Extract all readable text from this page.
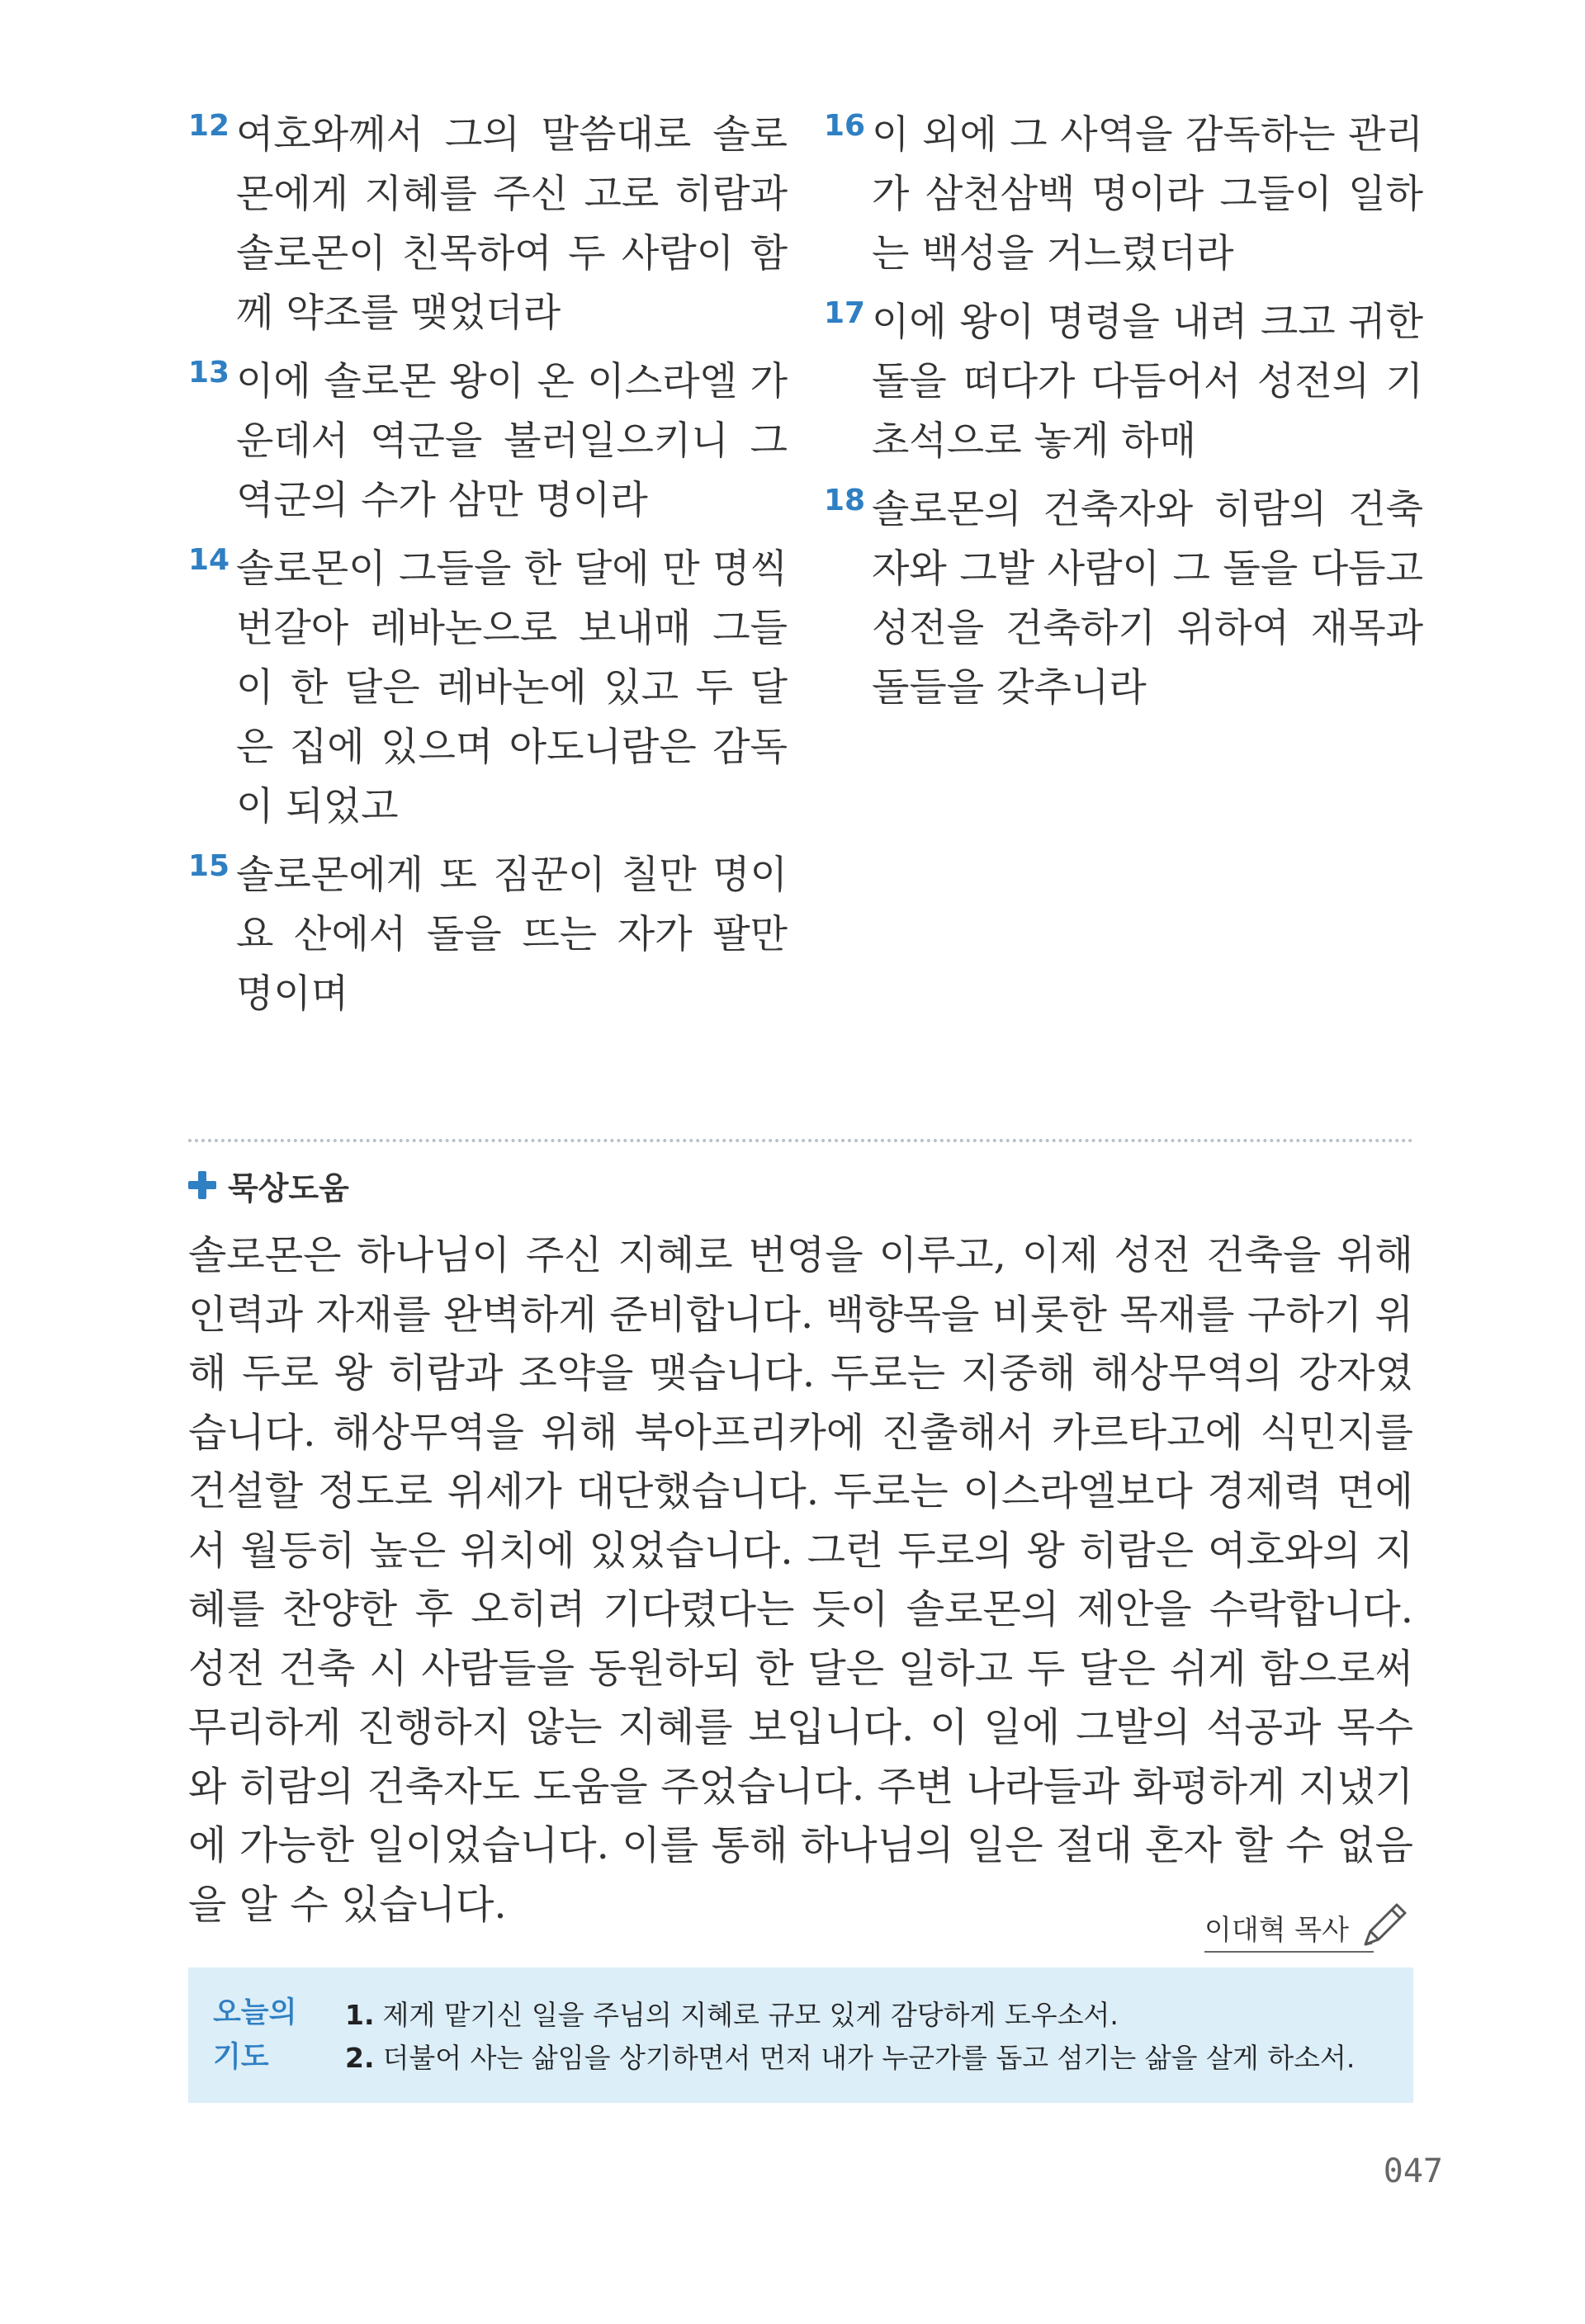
12 여호와께서 그의 말씀대로 솔로몬에게 지혜를 주신 고로 히람과 솔로몬이 친목하여 두 사람이 함께 약조를 맺었더라
13 이에 솔로몬 왕이 온 이스라엘 가운데서 역군을 불러일으키니 그 역군의 수가 삼만 명이라
14 솔로몬이 그들을 한 달에 만 명씩 번갈아 레바논으로 보내매 그들이 한 달은 레바논에 있고 두 달은 집에 있으며 아도니람은 감독이 되었고
15 솔로몬에게 또 짐꾼이 칠만 명이요 산에서 돌을 뜨는 자가 팔만 명이며
16 이 외에 그 사역을 감독하는 관리가 삼천삼백 명이라 그들이 일하는 백성을 거느렸더라
17 이에 왕이 명령을 내려 크고 귀한 돌을 떠다가 다듬어서 성전의 기초석으로 놓게 하매
18 솔로몬의 건축자와 히람의 건축자와 그발 사람이 그 돌을 다듬고 성전을 건축하기 위하여 재목과 돌들을 갖추니라
묵상도움

솔로몬은 하나님이 주신 지혜로 번영을 이루고, 이제 성전 건축을 위해 인력과 자재를 완벽하게 준비합니다. 백향목을 비롯한 목재를 구하기 위해 두로 왕 히람과 조약을 맺습니다. 두로는 지중해 해상무역의 강자였습니다. 해상무역을 위해 북아프리카에 진출해서 카르타고에 식민지를 건설할 정도로 위세가 대단했습니다. 두로는 이스라엘보다 경제력 면에서 월등히 높은 위치에 있었습니다. 그런 두로의 왕 히람은 여호와의 지혜를 찬양한 후 오히려 기다렸다는 듯이 솔로몬의 제안을 수락합니다. 성전 건축 시 사람들을 동원하되 한 달은 일하고 두 달은 쉬게 함으로써 무리하게 진행하지 않는 지혜를 보입니다. 이 일에 그발의 석공과 목수와 히람의 건축자도 도움을 주었습니다. 주변 나라들과 화평하게 지냈기에 가능한 일이었습니다. 이를 통해 하나님의 일은 절대 혼자 할 수 없음을 알 수 있습니다.

이대혁 목사
오늘의
기도
1. 제게 맡기신 일을 주님의 지혜로 규모 있게 감당하게 도우소서.
2. 더불어 사는 삶임을 상기하면서 먼저 내가 누군가를 돕고 섬기는 삶을 살게 하소서.
047
